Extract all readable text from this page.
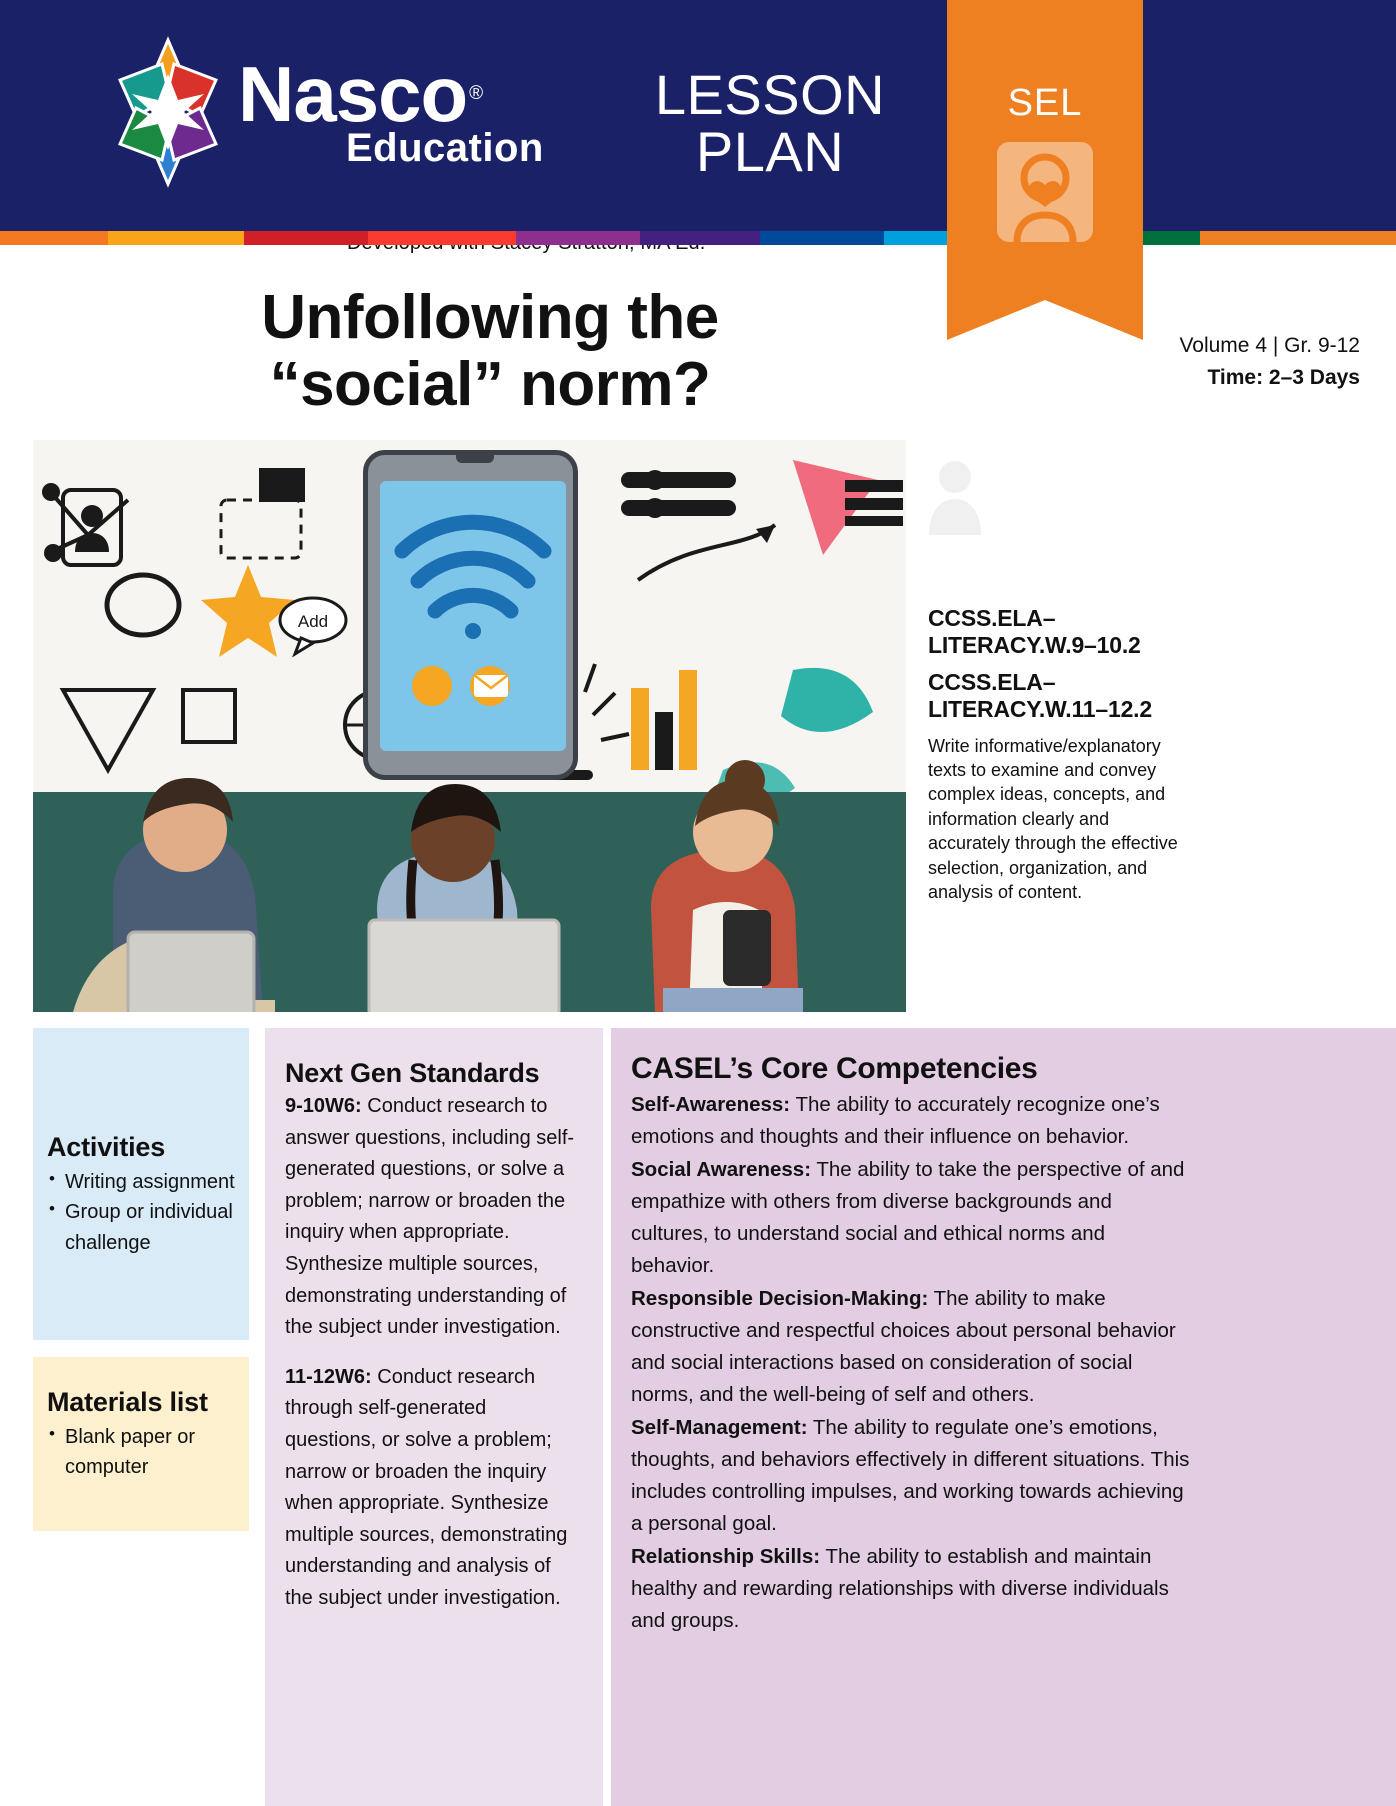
Nasco ®
Education
LESSON
PLAN
SEL
Unfollowing the
“social” norm?
Volume 4 | Gr. 9-12
Time: 2–3 Days
Add	CCSS.ELA–LITERACY.W.9–10.2
CCSS.ELA–LITERACY.W.11–12.2
Write informative/explanatory texts to examine and convey complex ideas, concepts, and information clearly and accurately through the effective selection, organization, and analysis of content.
Activities
• Writing assignment
• Group or individual challenge
Materials list
• Blank paper or computer
Next Gen Standards
9-10W6: Conduct research to answer questions, including self-generated questions, or solve a problem; narrow or broaden the inquiry when appropriate. Synthesize multiple sources, demonstrating understanding of the subject under investigation.
11-12W6: Conduct research through self-generated questions, or solve a problem; narrow or broaden the inquiry when appropriate. Synthesize multiple sources, demonstrating understanding and analysis of the subject under investigation.
CASEL’s Core Competencies
Self-Awareness: The ability to accurately recognize one’s emotions and thoughts and their influence on behavior.
Social Awareness: The ability to take the perspective of and empathize with others from diverse backgrounds and cultures, to understand social and ethical norms and behavior.
Responsible Decision-Making: The ability to make constructive and respectful choices about personal behavior and social interactions based on consideration of social norms, and the well-being of self and others.
Self-Management: The ability to regulate one’s emotions, thoughts, and behaviors effectively in different situations. This includes controlling impulses, and working towards achieving a personal goal.
Relationship Skills: The ability to establish and maintain healthy and rewarding relationships with diverse individuals and groups.
